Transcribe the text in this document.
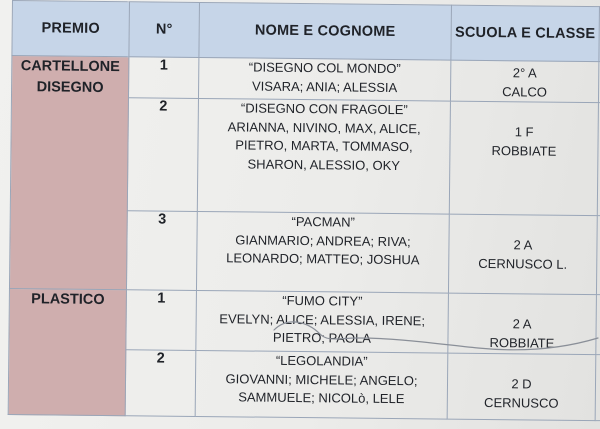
PREMIO	N°	NOME E COGNOME	SCUOLA E CLASSE	

CARTELLONE
DISEGNO	1	“DISEGNO COL MONDO”
VISARA; ANIA; ALESSIA	2° A
CALCO	

	2	“DISEGNO CON FRAGOLE”
ARIANNA, NIVINO, MAX, ALICE,
PIETRO, MARTA, TOMMASO,
SHARON, ALESSIO, OKY	1 F
ROBBIATE	

	3	“PACMAN”
GIANMARIO; ANDREA; RIVA;
LEONARDO; MATTEO; JOSHUA	2 A
CERNUSCO L.	

PLASTICO	1	“FUMO CITY”
EVELYN; ALICE; ALESSIA, IRENE;
PIETRO; PAOLA	2 A
ROBBIATE	

	2	“LEGOLANDIA”
GIOVANNI; MICHELE; ANGELO;
SAMMUELE; NICOLò, LELE	2 D
CERNUSCO	
